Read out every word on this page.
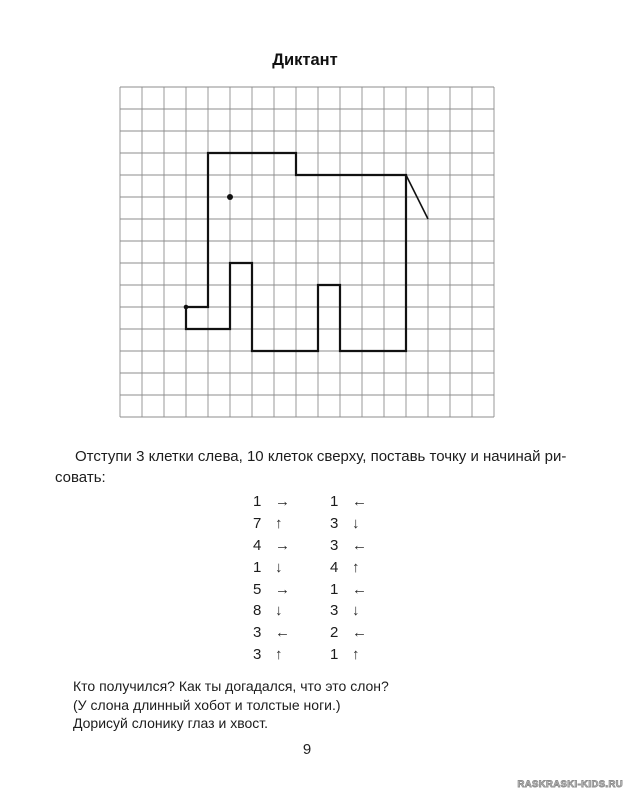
Диктант
Отступи 3 клетки слева, 10 клеток сверху, поставь точку и начинай ри-
совать:
1 →	1 ←
7 ↑	3 ↓
4 →	3 ←
1 ↓	4 ↑
5 →	1 ←
8 ↓	3 ↓
3 ←	2 ←
3 ↑	1 ↑
Кто получился? Как ты догадался, что это слон?
(У слона длинный хобот и толстые ноги.)
Дорисуй слонику глаз и хвост.
9
RASKRASKI-KIDS.RU
